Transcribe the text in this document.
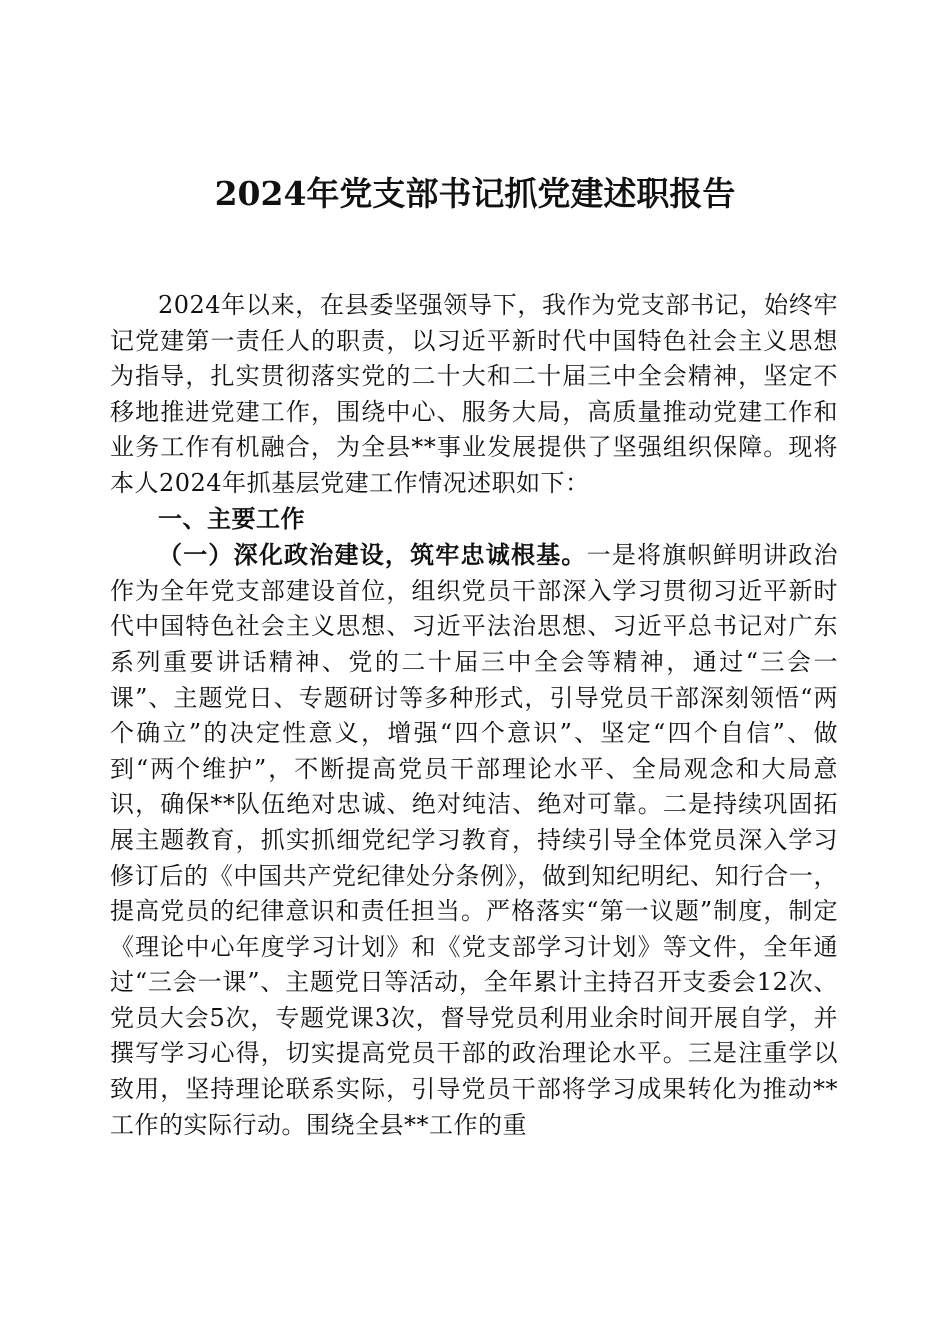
2024年党支部书记抓党建述职报告

2024年以来，在县委坚强领导下，我作为党支部书记，始终牢记党建第一责任人的职责，以习近平新时代中国特色社会主义思想为指导，扎实贯彻落实党的二十大和二十届三中全会精神，坚定不移地推进党建工作，围绕中心、服务大局，高质量推动党建工作和业务工作有机融合，为全县**事业发展提供了坚强组织保障。现将本人2024年抓基层党建工作情况述职如下：

一、主要工作

（一）深化政治建设，筑牢忠诚根基。一是将旗帜鲜明讲政治作为全年党支部建设首位，组织党员干部深入学习贯彻习近平新时代中国特色社会主义思想、习近平法治思想、习近平总书记对广东系列重要讲话精神、党的二十届三中全会等精神，通过“三会一课”、主题党日、专题研讨等多种形式，引导党员干部深刻领悟“两个确立”的决定性意义，增强“四个意识”、坚定“四个自信”、做到“两个维护”，不断提高党员干部理论水平、全局观念和大局意识，确保**队伍绝对忠诚、绝对纯洁、绝对可靠。二是持续巩固拓展主题教育，抓实抓细党纪学习教育，持续引导全体党员深入学习修订后的《中国共产党纪律处分条例》，做到知纪明纪、知行合一，提高党员的纪律意识和责任担当。严格落实“第一议题”制度，制定《理论中心年度学习计划》和《党支部学习计划》等文件，全年通过“三会一课”、主题党日等活动，全年累计主持召开支委会12次、党员大会5次，专题党课3次，督导党员利用业余时间开展自学，并撰写学习心得，切实提高党员干部的政治理论水平。三是注重学以致用，坚持理论联系实际，引导党员干部将学习成果转化为推动**工作的实际行动。围绕全县**工作的重
